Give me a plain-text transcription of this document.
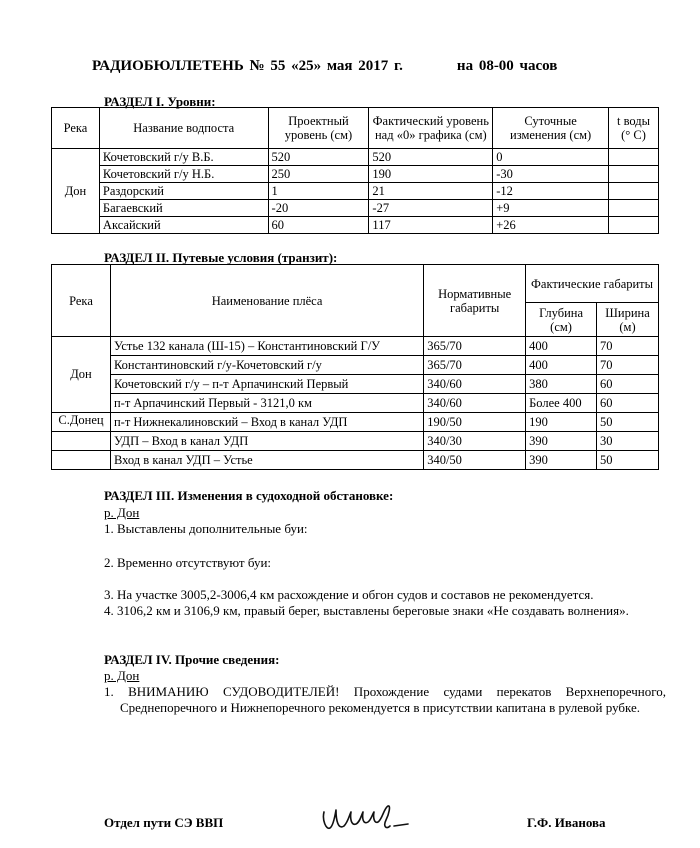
РАДИОБЮЛЛЕТЕНЬ № 55 «25» мая 2017 г.	на 08-00 часов
РАЗДЕЛ I. Уровни:
Река	Название водпоста	Проектный уровень (см)	Фактический уровень над «0» графика (см)	Суточные изменения (см)	t воды (° С)
Дон	Кочетовский г/у В.Б.	520	520	0	
	Кочетовский г/у Н.Б.	250	190	-30	
	Раздорский	1	21	-12	
	Багаевский	-20	-27	+9	
	Аксайский	60	117	+26	
РАЗДЕЛ II. Путевые условия (транзит):
Река	Наименование плёса	Нормативные габариты	Фактические габариты	
			Глубина (см)	Ширина (м)
Дон	Устье 132 канала (Ш-15) – Константиновский Г/У	365/70	400	70
	Константиновский г/у-Кочетовский г/у	365/70	400	70
	Кочетовский г/у – п-т Арпачинский Первый	340/60	380	60
	п-т Арпачинский Первый - 3121,0 км	340/60	Более 400	60
С.Донец	п-т Нижнекалиновский – Вход в канал УДП	190/50	190	50
	УДП – Вход в канал УДП	340/30	390	30
	Вход в канал УДП – Устье	340/50	390	50
РАЗДЕЛ III. Изменения в судоходной обстановке:
р. Дон
1. Выставлены дополнительные буи:
2. Временно отсутствуют буи:
3. На участке 3005,2-3006,4 км расхождение и обгон судов и составов не рекомендуется.
4. 3106,2 км и 3106,9 км, правый берег, выставлены береговые знаки «Не создавать волнения».
РАЗДЕЛ IV. Прочие сведения:
р. Дон
1. ВНИМАНИЮ СУДОВОДИТЕЛЕЙ! Прохождение судами перекатов Верхнепоречного, Среднепоречного и Нижнепоречного рекомендуется в присутствии капитана в рулевой рубке.
Отдел пути СЭ ВВП	Г.Ф. Иванова
